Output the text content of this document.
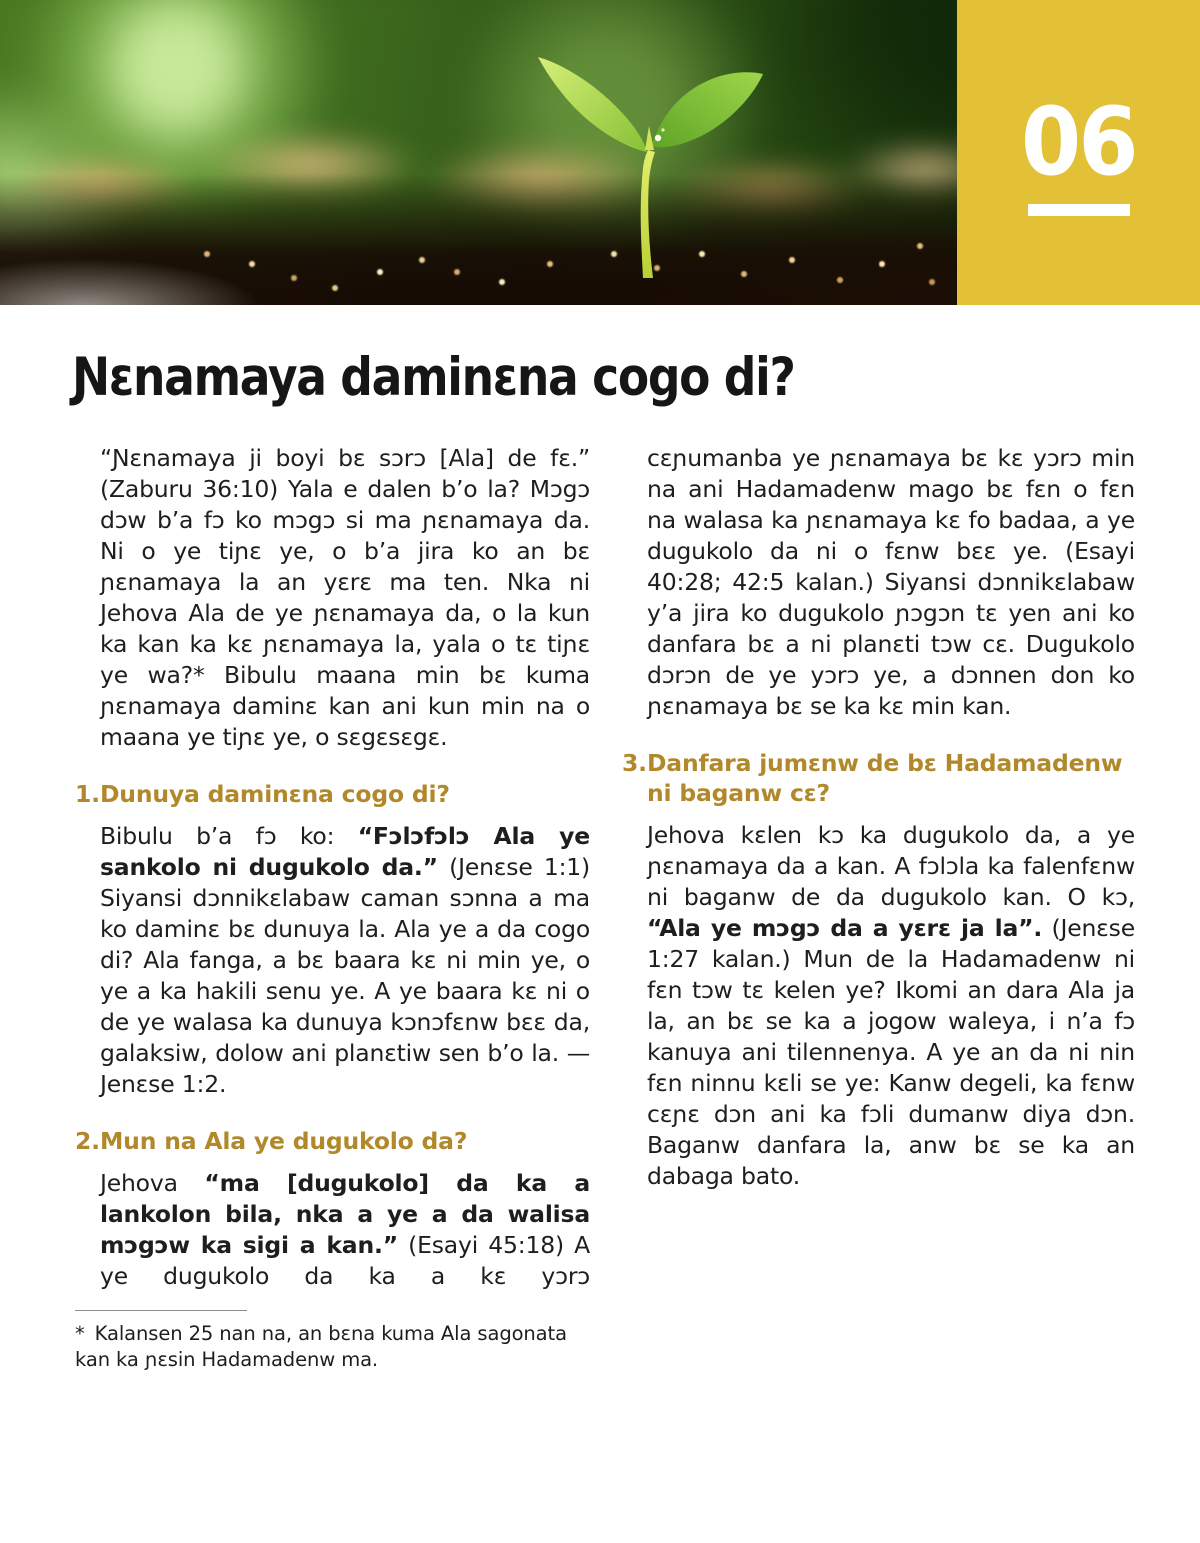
06
Ɲɛnamaya daminɛna cogo di?

“Ɲɛnamaya ji boyi bɛ sɔrɔ [Ala] de fɛ.” (Zaburu 36:10) Yala e dalen b’o la? Mɔgɔ dɔw b’a fɔ ko mɔgɔ si ma ɲɛnamaya da. Ni o ye tiɲɛ ye, o b’a jira ko an bɛ ɲɛnamaya la an yɛrɛ ma ten. Nka ni Jehova Ala de ye ɲɛnamaya da, o la kun ka kan ka kɛ ɲɛnamaya la, yala o tɛ tiɲɛ ye wa?* Bibulu maana min bɛ kuma ɲɛnamaya daminɛ kan ani kun min na o maana ye tiɲɛ ye, o sɛgɛsɛgɛ.

1. Dunuya daminɛna cogo di?

Bibulu b’a fɔ ko: “Fɔlɔfɔlɔ Ala ye sankolo ni dugukolo da.” (Jenɛse 1:1) Siyansi dɔnnikɛlabaw caman sɔnna a ma ko daminɛ bɛ dunuya la. Ala ye a da cogo di? Ala fanga, a bɛ baara kɛ ni min ye, o ye a ka hakili senu ye. A ye baara kɛ ni o de ye walasa ka dunuya kɔnɔfɛnw bɛɛ da, galaksiw, dolow ani planɛtiw sen b’o la. —Jenɛse 1:2.

2. Mun na Ala ye dugukolo da?

Jehova “ma [dugukolo] da ka a lankolon bila, nka a ye a da walisa mɔgɔw ka sigi a kan.” (Esayi 45:18) A ye dugukolo da ka a kɛ yɔrɔ

* Kalansen 25 nan na, an bɛna kuma Ala sagonata kan ka ɲɛsin Hadamadenw ma.

cɛɲumanba ye ɲɛnamaya bɛ kɛ yɔrɔ min na ani Hadamadenw mago bɛ fɛn o fɛn na walasa ka ɲɛnamaya kɛ fo badaa, a ye dugukolo da ni o fɛnw bɛɛ ye. (Esayi 40:28; 42:5 kalan.) Siyansi dɔnnikɛlabaw y’a jira ko dugukolo ɲɔgɔn tɛ yen ani ko danfara bɛ a ni planɛti tɔw cɛ. Dugukolo dɔrɔn de ye yɔrɔ ye, a dɔnnen don ko ɲɛnamaya bɛ se ka kɛ min kan.

3. Danfara jumɛnw de bɛ Hadamadenw ni baganw cɛ?

Jehova kɛlen kɔ ka dugukolo da, a ye ɲɛnamaya da a kan. A fɔlɔla ka falenfɛnw ni baganw de da dugukolo kan. O kɔ, “Ala ye mɔgɔ da a yɛrɛ ja la”. (Jenɛse 1:27 kalan.) Mun de la Hadamadenw ni fɛn tɔw tɛ kelen ye? Ikomi an dara Ala ja la, an bɛ se ka a jogow waleya, i n’a fɔ kanuya ani tilennenya. A ye an da ni nin fɛn ninnu kɛli se ye: Kanw degeli, ka fɛnw cɛɲɛ dɔn ani ka fɔli dumanw diya dɔn. Baganw danfara la, anw bɛ se ka an dabaga bato.
